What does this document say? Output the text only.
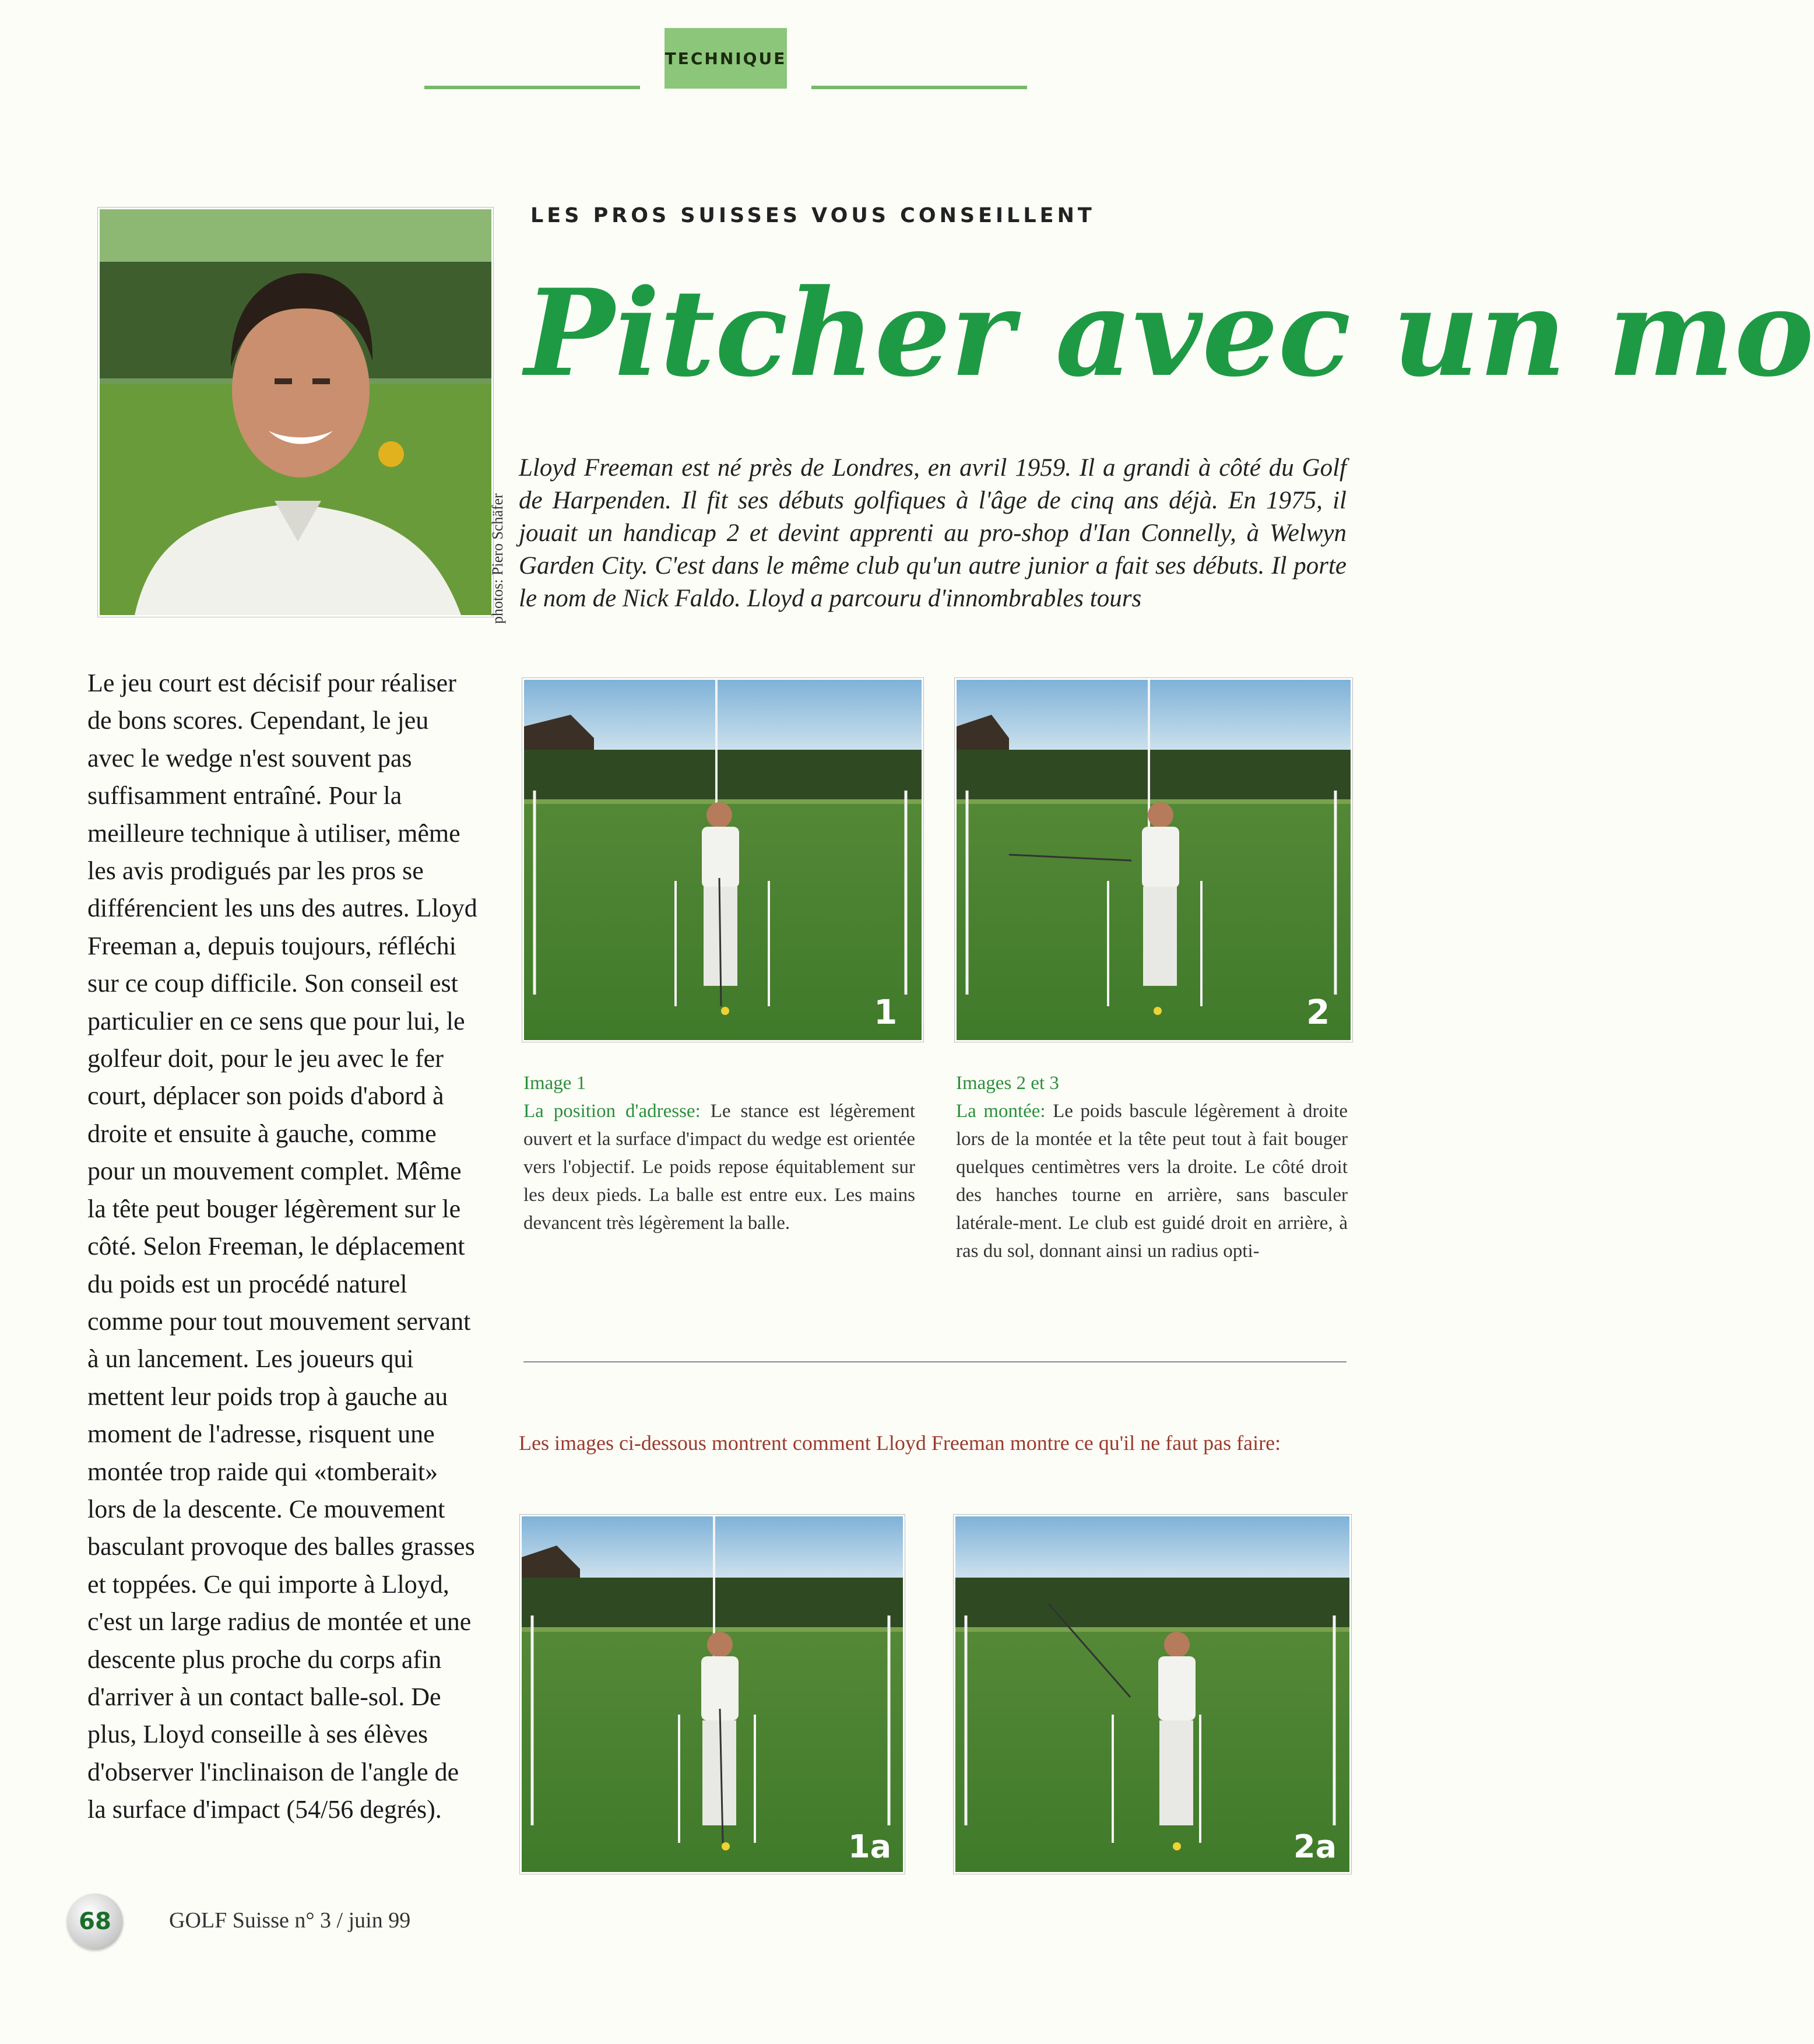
TECHNIQUE
photos: Piero Schäfer
LES PROS SUISSES VOUS CONSEILLENT
Pitcher avec un mo
Lloyd Freeman est né près de Londres, en avril 1959. Il a grandi à côté du Golf de Harpenden. Il fit ses débuts golfiques à l'âge de cinq ans déjà. En 1975, il jouait un handicap 2 et devint apprenti au pro-shop d'Ian Connelly, à Welwyn Garden City. C'est dans le même club qu'un autre junior a fait ses débuts. Il porte le nom de Nick Faldo. Lloyd a parcouru d'innombrables tours
Le jeu court est décisif pour réaliser de bons scores. Cependant, le jeu avec le wedge n'est souvent pas suffisamment entraîné. Pour la meilleure technique à utiliser, même les avis prodigués par les pros se différencient les uns des autres. Lloyd Freeman a, depuis toujours, réfléchi sur ce coup difficile. Son conseil est particulier en ce sens que pour lui, le golfeur doit, pour le jeu avec le fer court, déplacer son poids d'abord à droite et ensuite à gauche, comme pour un mouvement complet. Même la tête peut bouger légèrement sur le côté. Selon Freeman, le déplacement du poids est un procédé naturel comme pour tout mouvement servant à un lancement. Les joueurs qui mettent leur poids trop à gauche au moment de l'adresse, risquent une montée trop raide qui «tomberait» lors de la descente. Ce mouvement basculant provoque des balles grasses et toppées. Ce qui importe à Lloyd, c'est un large radius de montée et une descente plus proche du corps afin d'arriver à un contact balle-sol. De plus, Lloyd conseille à ses élèves d'observer l'inclinaison de l'angle de la surface d'impact (54/56 degrés).
1	2
Image 1
La position d'adresse: Le stance est légèrement ouvert et la surface d'impact du wedge est orientée vers l'objectif. Le poids repose équitablement sur les deux pieds. La balle est entre eux. Les mains devancent très légèrement la balle.
Images 2 et 3
La montée: Le poids bascule légèrement à droite lors de la montée et la tête peut tout à fait bouger quelques centimètres vers la droite. Le côté droit des hanches tourne en arrière, sans basculer latérale-ment. Le club est guidé droit en arrière, à ras du sol, donnant ainsi un radius opti-
Les images ci-dessous montrent comment Lloyd Freeman montre ce qu'il ne faut pas faire:
1a	2a
68	GOLF Suisse n° 3 / juin 99
